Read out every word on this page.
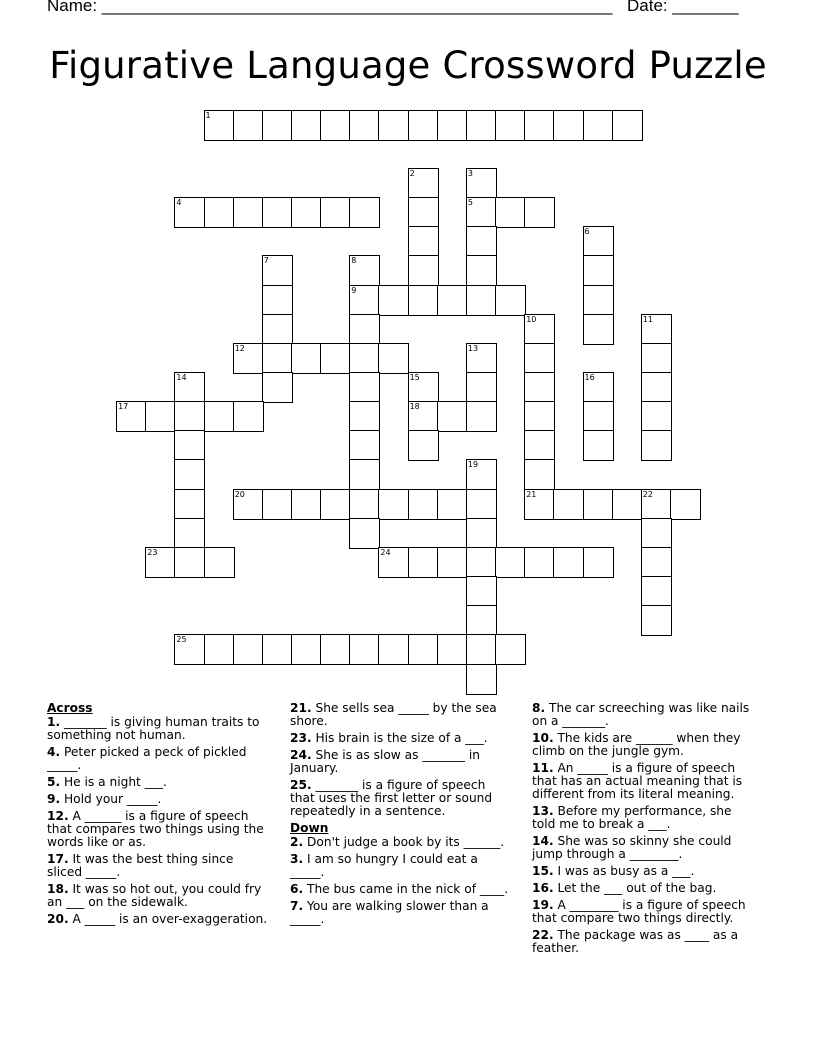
Name: ______________________________________________________ Date: _______
Figurative Language Crossword Puzzle
1
2	3
4	5
6
7	8
9
10	11
12	13
14	15	16
17	18
19
20	21	22
23	24
25
Across
1. _______ is giving human traits to something not human.
4. Peter picked a peck of pickled _____.
5. He is a night ___.
9. Hold your _____.
12. A ______ is a figure of speech that compares two things using the words like or as.
17. It was the best thing since sliced _____.
18. It was so hot out, you could fry an ___ on the sidewalk.
20. A _____ is an over-exaggeration.
21. She sells sea _____ by the sea shore.
23. His brain is the size of a ___.
24. She is as slow as _______ in January.
25. _______ is a figure of speech that uses the first letter or sound repeatedly in a sentence.
Down
2. Don't judge a book by its ______.
3. I am so hungry I could eat a _____.
6. The bus came in the nick of ____.
7. You are walking slower than a _____.
8. The car screeching was like nails on a _______.
10. The kids are ______ when they climb on the jungle gym.
11. An _____ is a figure of speech that has an actual meaning that is different from its literal meaning.
13. Before my performance, she told me to break a ___.
14. She was so skinny she could jump through a ________.
15. I was as busy as a ___.
16. Let the ___ out of the bag.
19. A ________ is a figure of speech that compare two things directly.
22. The package was as ____ as a feather.
